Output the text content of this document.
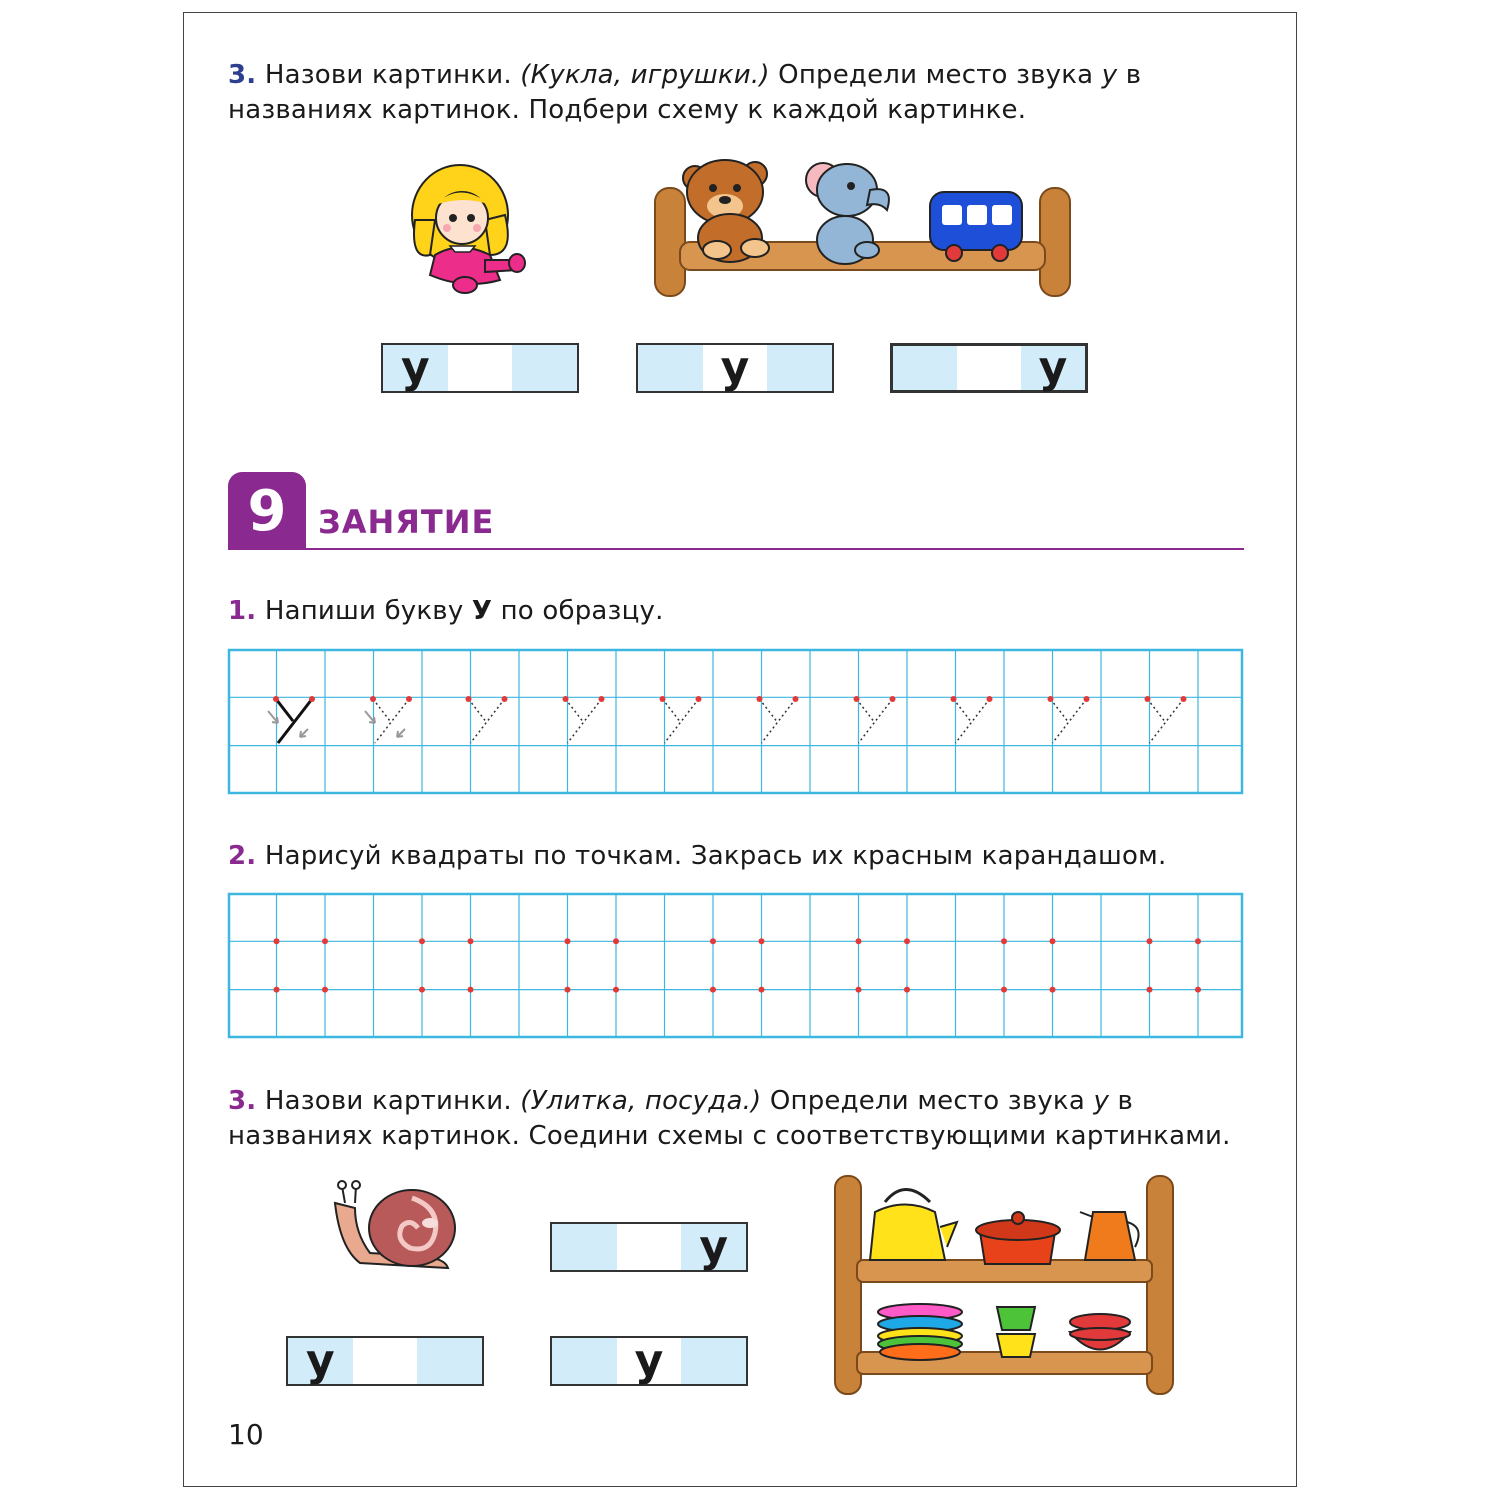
3. Назови картинки. (Кукла, игрушки.) Определи место звука у в названиях картинок. Подбери схему к каждой картинке.
у	у	у
9 ЗАНЯТИЕ
1. Напиши букву У по образцу.
2. Нарисуй квадраты по точкам. Закрась их красным карандашом.
3. Назови картинки. (Улитка, посуда.) Определи место звука у в названиях картинок. Соедини схемы с соответствующими картинками.
у
у	у
10
